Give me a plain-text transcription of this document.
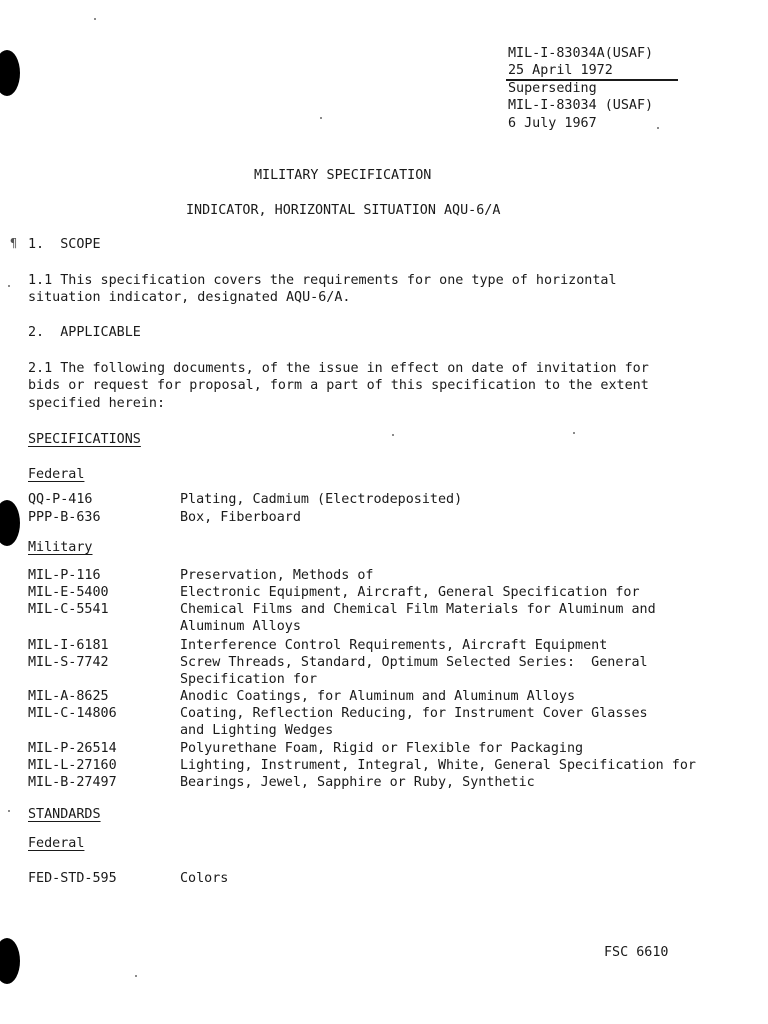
MIL-I-83034A(USAF)
25 April 1972
Superseding
MIL-I-83034 (USAF)
6 July 1967
MILITARY SPECIFICATION
INDICATOR, HORIZONTAL SITUATION AQU-6/A
¶ 1.  SCOPE
1.1 This specification covers the requirements for one type of horizontal
situation indicator, designated AQU-6/A.
2.  APPLICABLE
2.1 The following documents, of the issue in effect on date of invitation for
bids or request for proposal, form a part of this specification to the extent
specified herein:
SPECIFICATIONS
Federal
QQ-P-416	Plating, Cadmium (Electrodeposited)
PPP-B-636	Box, Fiberboard
Military
MIL-P-116	Preservation, Methods of
MIL-E-5400	Electronic Equipment, Aircraft, General Specification for
MIL-C-5541	Chemical Films and Chemical Film Materials for Aluminum and
Aluminum Alloys
MIL-I-6181	Interference Control Requirements, Aircraft Equipment
MIL-S-7742	Screw Threads, Standard, Optimum Selected Series:  General
Specification for
MIL-A-8625	Anodic Coatings, for Aluminum and Aluminum Alloys
MIL-C-14806	Coating, Reflection Reducing, for Instrument Cover Glasses
and Lighting Wedges
MIL-P-26514	Polyurethane Foam, Rigid or Flexible for Packaging
MIL-L-27160	Lighting, Instrument, Integral, White, General Specification for
MIL-B-27497	Bearings, Jewel, Sapphire or Ruby, Synthetic
STANDARDS
Federal
FED-STD-595	Colors
FSC 6610
